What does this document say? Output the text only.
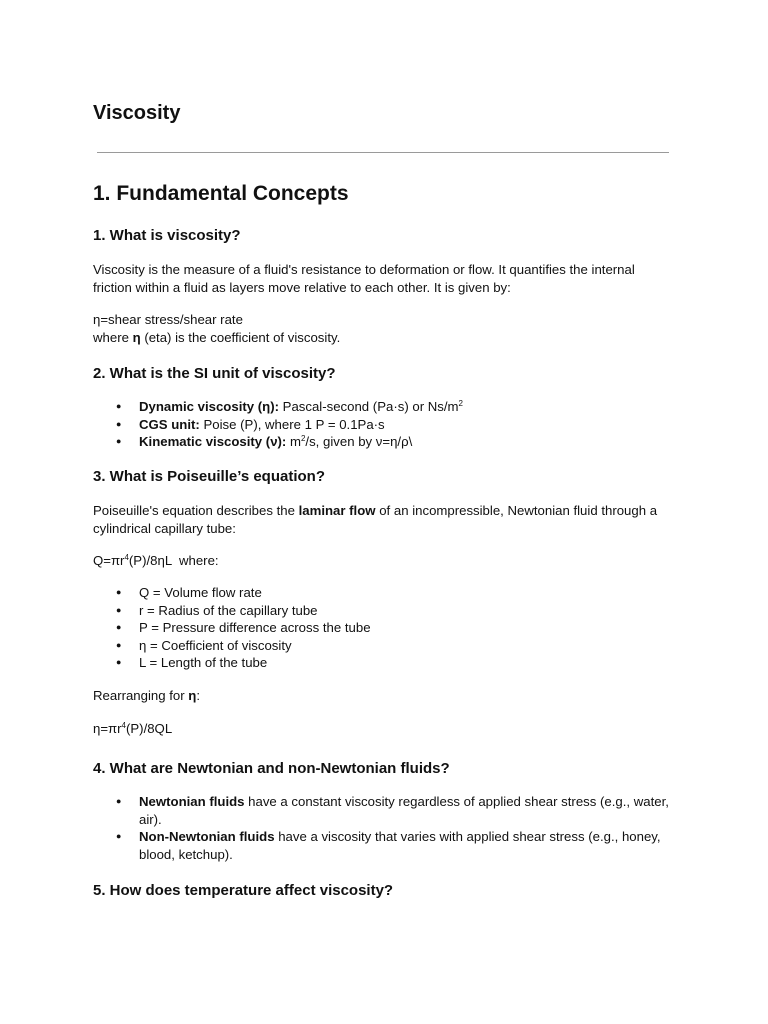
Viscosity
1. Fundamental Concepts
1. What is viscosity?

Viscosity is the measure of a fluid's resistance to deformation or flow. It quantifies the internal friction within a fluid as layers move relative to each other. It is given by:

η=shear stress/shear rate
where η (eta) is the coefficient of viscosity.

2. What is the SI unit of viscosity?
● Dynamic viscosity (η): Pascal-second (Pa·s) or $Ns/m^2$
● CGS unit: Poise (P), where 1 P = 0.1Pa·s
● Kinematic viscosity (ν): $m^2/s$, given by ν=η/ρ\
3. What is Poiseuille’s equation?

Poiseuille's equation describes the laminar flow of an incompressible, Newtonian fluid through a cylindrical capillary tube:

$Q=\pi r^4(P)/8\eta L$  where:

● Q = Volume flow rate
● r = Radius of the capillary tube
● P = Pressure difference across the tube
● η = Coefficient of viscosity
● L = Length of the tube

Rearranging for η:

$\eta=\pi r^4(P)/8QL$

4. What are Newtonian and non-Newtonian fluids?
● Newtonian fluids have a constant viscosity regardless of applied shear stress (e.g., water, air).
● Non-Newtonian fluids have a viscosity that varies with applied shear stress (e.g., honey, blood, ketchup).
5. How does temperature affect viscosity?
